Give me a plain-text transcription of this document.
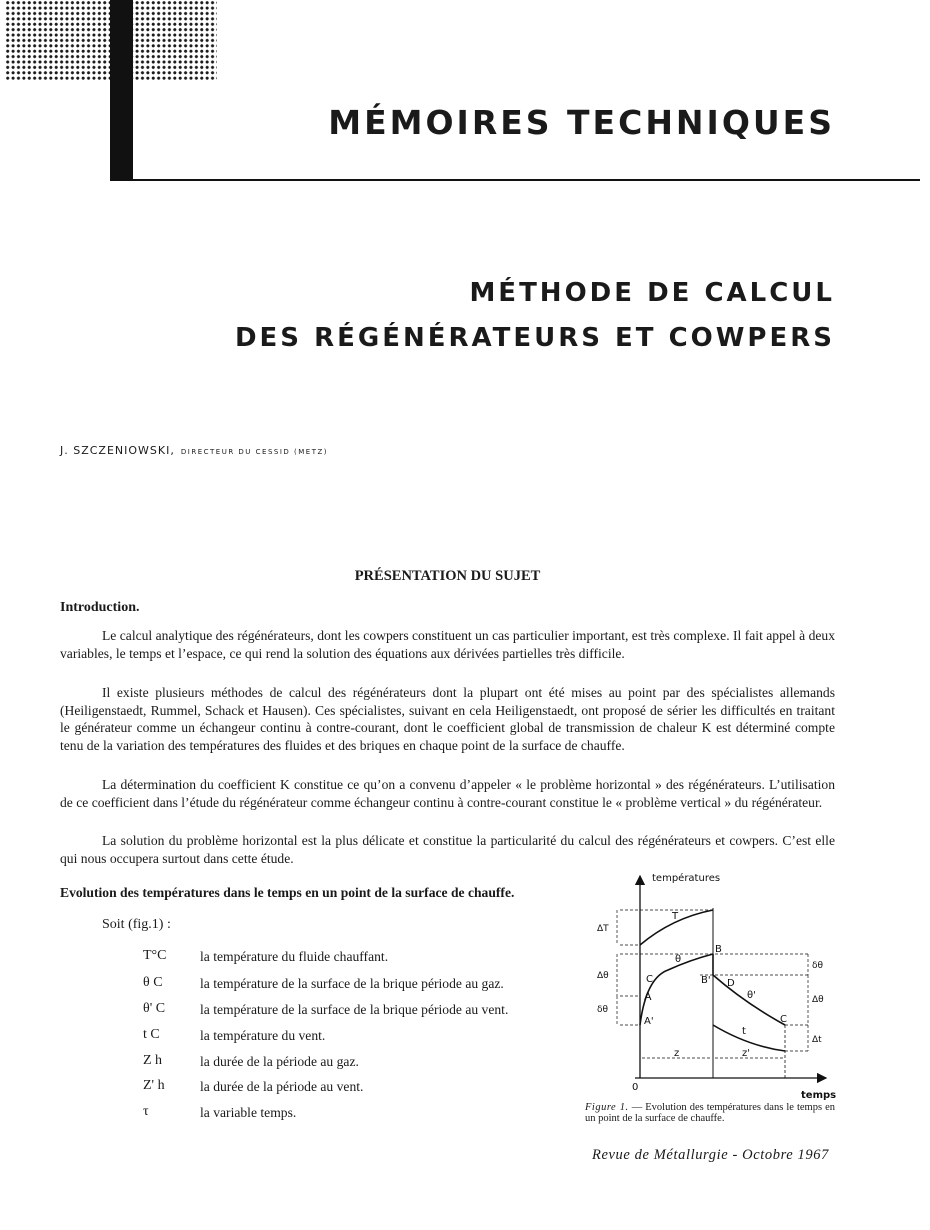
MÉMOIRES TECHNIQUES
MÉTHODE DE CALCUL
DES RÉGÉNÉRATEURS ET COWPERS
J. SZCZENIOWSKI, DIRECTEUR DU CESSID (METZ)
PRÉSENTATION DU SUJET
Introduction.

Le calcul analytique des régénérateurs, dont les cowpers constituent un cas particulier important, est très complexe. Il fait appel à deux variables, le temps et l’espace, ce qui rend la solution des équations aux dérivées partielles très difficile.

Il existe plusieurs méthodes de calcul des régénérateurs dont la plupart ont été mises au point par des spécialistes allemands (Heiligenstaedt, Rummel, Schack et Hausen). Ces spécialistes, suivant en cela Heiligenstaedt, ont proposé de sérier les difficultés en traitant le générateur comme un échangeur continu à contre-courant, dont le coefficient global de transmission de chaleur K est déterminé compte tenu de la variation des températures des fluides et des briques en chaque point de la surface de chauffe.

La détermination du coefficient K constitue ce qu’on a convenu d’appeler « le problème horizontal » des régénérateurs. L’utilisation de ce coefficient dans l’étude du régénérateur comme échangeur continu à contre-courant constitue le « problème vertical » du régénérateur.

La solution du problème horizontal est la plus délicate et constitue la particularité du calcul des régénérateurs et cowpers. C’est elle qui nous occupera surtout dans cette étude.

Evolution des températures dans le temps en un point de la surface de chauffe.
Soit (fig.1) :
T°C la température du fluide chauffant.
θ C	la température de la surface de la brique période au gaz.
θ' C	la température de la surface de la brique période au vent.
t C	la température du vent.
Z h	la durée de la période au gaz.
Z' h	la durée de la période au vent.
τ	la variable temps.
températures
temps
0
z	z'
T
θ
θ'
t
A
A'
B
B'
C
C	D
ΔT
Δθ
δθ
δθ
Δθ
Δt
Figure 1. — Evolution des températures dans le temps en un point de la surface de chauffe.
Revue de Métallurgie - Octobre 1967
